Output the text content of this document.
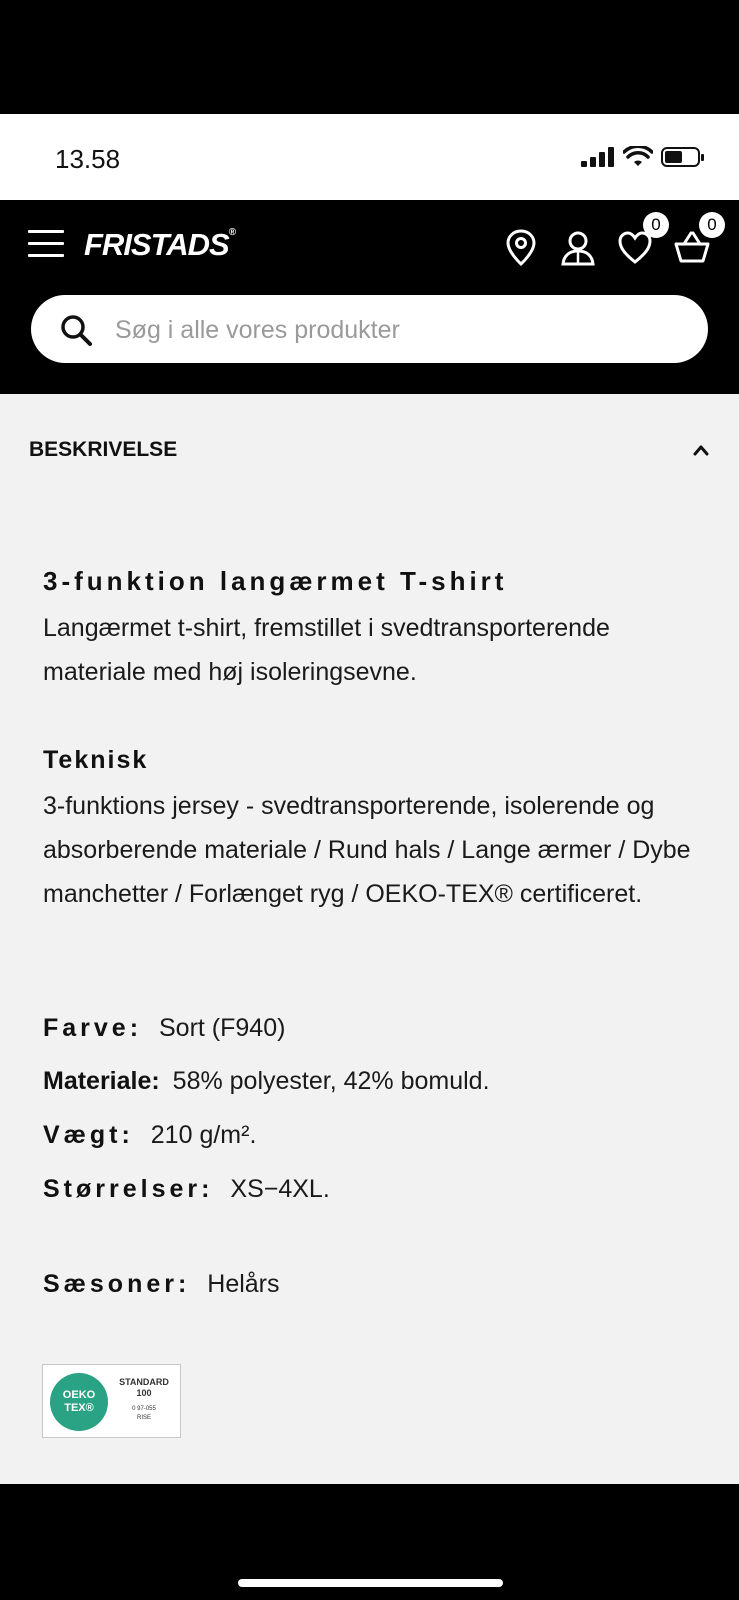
13.58
FRISTADS®	0	0
Søg i alle vores produkter
BESKRIVELSE
3-funktion langærmet T-shirt
Langærmet t-shirt, fremstillet i svedtransporterende materiale med høj isoleringsevne.
Teknisk
3-funktions jersey - svedtransporterende, isolerende og absorberende materiale / Rund hals / Lange ærmer / Dybe manchetter / Forlænget ryg / OEKO-TEX® certificeret.
Farve: Sort (F940)
Materiale: 58% polyester, 42% bomuld.
Vægt: 210 g/m².
Størrelser: XS−4XL.
Sæsoner: Helårs
OEKO
TEX®
STANDARD
100
0 97-055
RISE
